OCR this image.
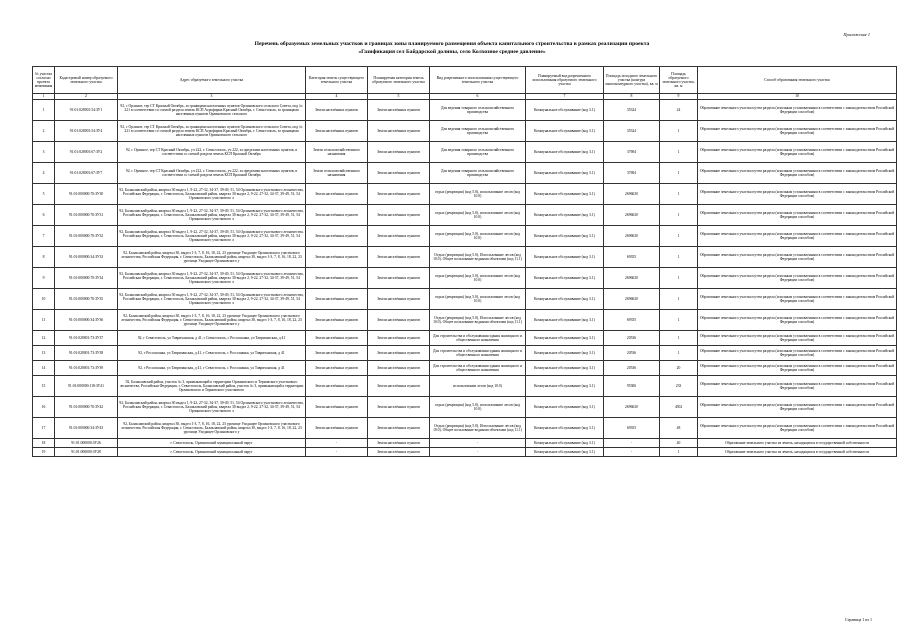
Приложение 1
Перечень образуемых земельных участков и границах зоны планируемого размещения объекта капитального строительства в рамках реализации проекта
«Газификация сел Байдарской долины, село Колхозное среднее давление»
№ участка согласно проекта межевания	Кадастровый номер образуемого земельного участка	Адрес образуемого земельного участка	Категория земель существующего земельного участка	Планируемая категория земель образуемого земельного участка	Вид разрешенного использования существующего земельного участка	Планируемый вид разрешенного использования образуемого земельного участка	Площадь исходного земельного участка (контура многоконтурного участка), кв. м	Площадь образуемого земельного участка, кв. м	Способ образования земельного участка
1	2	3	4	5	6	7	8	9	10
1	91:01:028001:54:ЗУ1	92, с Орлиное, тер СТ Красный Октябрь, за границами населенных пунктов Орлиновского сельского Совета, под № 221 в соответствии со схемой раздела земель КСП Агрофирма Красный Октябрь, г. Севастополь, за границами населенных пунктов Орлиновского сельского	Земли населённых пунктов	Земли населённых пунктов	Для ведения товарного сельскохозяйственного производства	Коммунальное обслуживание (код 3.1)	35324	24	Образование земельного участка путем раздела (или иным установленным в соответствии с законодательством Российской Федерации способом)
2	91:01:028001:54:ЗУ4	92, с Орлиное, тер СТ Красный Октябрь, за границами населенных пунктов Орлиновского сельского Совета, под № 221 в соответствии со схемой раздела земель КСП Агрофирма Красный Октябрь, г. Севастополь, за границами населенных пунктов Орлиновского сельского	Земли населённых пунктов	Земли населённых пунктов	Для ведения товарного сельскохозяйственного производства	Коммунальное обслуживание (код 3.1)	35324	1	Образование земельного участка путем раздела (или иным установленным в соответствии с законодательством Российской Федерации способом)
3	91:01:028001:67:ЗУ2	92, с Орлиное, тер СТ Красный Октябрь, уч 222, г. Севастополь, уч 222, за пределами населенных пунктов, в соответствии со схемой раздела земель КСП Красный Октябрь	Земли сельскохозяйственного назначения	Земли населённых пунктов	Для ведения товарного сельскохозяйственного производства	Коммунальное обслуживание (код 3.1)	37694	1	Образование земельного участка путем раздела (или иным установленным в соответствии с законодательством Российской Федерации способом)
4	91:01:028001:67:ЗУ7	92, с Орлиное, тер СТ Красный Октябрь, уч 222, г. Севастополь, уч 222, за пределами населенных пунктов, в соответствии со схемой раздела земель КСП Красный Октябрь	Земли сельскохозяйственного назначения	Земли населённых пунктов	Для ведения товарного сельскохозяйственного производства	Коммунальное обслуживание (код 3.1)	37694	1	Образование земельного участка путем раздела (или иным установленным в соответствии с законодательством Российской Федерации способом)
5	91:01:000000:70:ЗУ30	92, Балаклавский район, квартал 30 выдел 1, 9-22, 27-32, 34-37, 39-49, 51, 54 Орлиновского участкового лесничества, Российская Федерация, г. Севастополь, Балаклавский район, квартал 30 выдел 2, 9-22, 27-32, 34-37, 39-49, 51, 54 Орлиновского участкового л	Земли населённых пунктов	Земли населённых пунктов	отдых (рекреация) (код 5.0), использование лесов (код 10.0)	Коммунальное обслуживание (код 3.1)	2696020	1	Образование земельного участка путем раздела (или иным установленным в соответствии с законодательством Российской Федерации способом)
6	91:01:000000:70:ЗУ31	92, Балаклавский район, квартал 30 выдел 1, 9-22, 27-32, 34-37, 39-49, 51, 54 Орлиновского участкового лесничества, Российская Федерация, г. Севастополь, Балаклавский район, квартал 30 выдел 2, 9-22, 27-32, 34-37, 39-49, 51, 54 Орлиновского участкового л	Земли населённых пунктов	Земли населённых пунктов	отдых (рекреация) (код 5.0), использование лесов (код 10.0)	Коммунальное обслуживание (код 3.1)	2696020	1	Образование земельного участка путем раздела (или иным установленным в соответствии с законодательством Российской Федерации способом)
7	91:01:000000:70:ЗУ32	92, Балаклавский район, квартал 30 выдел 1, 9-22, 27-32, 34-37, 39-49, 51, 54 Орлиновского участкового лесничества, Российская Федерация, г. Севастополь, Балаклавский район, квартал 30 выдел 2, 9-22, 27-32, 34-37, 39-49, 51, 54 Орлиновского участкового л	Земли населённых пунктов	Земли населённых пунктов	отдых (рекреация) (код 5.0), использование лесов (код 10.0)	Коммунальное обслуживание (код 3.1)	2696020	1	Образование земельного участка путем раздела (или иным установленным в соответствии с законодательством Российской Федерации способом)
8	91:01:000000:34:ЗУ33	92, Балаклавский район, квартал 30, выдел 1-3, 7, 8, 16, 18, 22, 23 урочище Уходящее Орлиновского участкового лесничества, Российская Федерация, г. Севастополь, Балаклавский район, квартал 30, выдел 1-3, 7, 8, 16, 18, 22, 23 урочище Уходящее Орлиновского у	Земли населённых пунктов	Земли населённых пунктов	Отдых (рекреация) (код 5.0), Использование лесов (код 10.0), Общее пользование водными объектами (код 11.1)	Коммунальное обслуживание (код 3.1)	69355	1	Образование земельного участка путем раздела (или иным установленным в соответствии с законодательством Российской Федерации способом)
9	91:01:000000:70:ЗУ34	92, Балаклавский район, квартал 30 выдел 1, 9-22, 27-32, 34-37, 39-49, 51, 54 Орлиновского участкового лесничества, Российская Федерация, г. Севастополь, Балаклавский район, квартал 30 выдел 2, 9-22, 27-32, 34-37, 39-49, 51, 54 Орлиновского участкового л	Земли населённых пунктов	Земли населённых пунктов	отдых (рекреация) (код 5.0), использование лесов (код 10.0)	Коммунальное обслуживание (код 3.1)	2696020	1	Образование земельного участка путем раздела (или иным установленным в соответствии с законодательством Российской Федерации способом)
10	91:01:000000:70:ЗУ35	92, Балаклавский район, квартал 30 выдел 1, 9-22, 27-32, 34-37, 39-49, 51, 54 Орлиновского участкового лесничества, Российская Федерация, г. Севастополь, Балаклавский район, квартал 30 выдел 2, 9-22, 27-32, 34-37, 39-49, 51, 54 Орлиновского участкового л	Земли населённых пунктов	Земли населённых пунктов	отдых (рекреация) (код 5.0), использование лесов (код 10.0)	Коммунальное обслуживание (код 3.1)	2696020	1	Образование земельного участка путем раздела (или иным установленным в соответствии с законодательством Российской Федерации способом)
11	91:01:000000:34:ЗУ36	92, Балаклавский район, квартал 30, выдел 1-3, 7, 8, 16, 18, 22, 23 урочище Уходящее Орлиновского участкового лесничества, Российская Федерация, г. Севастополь, Балаклавский район, квартал 30, выдел 1-3, 7, 8, 16, 18, 22, 23 урочище Уходящее Орлиновского у	Земли населённых пунктов	Земли населённых пунктов	Отдых (рекреация) (код 5.0), Использование лесов (код 10.0), Общее пользование водными объектами (код 11.1)	Коммунальное обслуживание (код 3.1)	69355	1	Образование земельного участка путем раздела (или иным установленным в соответствии с законодательством Российской Федерации способом)
12	91:01:028001:73:ЗУ37	92, г Севастополь, ул Тавричанская, д 41, г Севастополь, с Россошанка, ул Тавричанская, д 41	Земли населённых пунктов	Земли населённых пунктов	Для строительства и обслуживания здания жилищного и общественного назначения	Коммунальное обслуживание (код 3.1)	20536	1	Образование земельного участка путем раздела (или иным установленным в соответствии с законодательством Российской Федерации способом)
13	91:01:028001:73:ЗУ38	92, г Россошанка, ул Тавричанская, д 41, г Севастополь, с Россошанка, ул Тавричанская, д 41	Земли населённых пунктов	Земли населённых пунктов	Для строительства и обслуживания здания жилищного и общественного назначения	Коммунальное обслуживание (код 3.1)	20536	1	Образование земельного участка путем раздела (или иным установленным в соответствии с законодательством Российской Федерации способом)
14	91:01:028001:73:ЗУ39	92, г Россошанка, ул Тавричанская, д 41, г Севастополь, с Россошанка, ул Тавричанская, д 41	Земли населённых пунктов	Земли населённых пунктов	Для строительства и обслуживания здания жилищного и общественного назначения	Коммунальное обслуживание (код 3.1)	20536	20	Образование земельного участка путем раздела (или иным установленным в соответствии с законодательством Российской Федерации способом)
15	91:01:000000:118:ЗУ41	92, Балаклавский район, участок № 3, примыкающий к территории Орлиновского и Терновского участкового лесничества, Российская Федерация, г. Севастополь, Балаклавский район, участок № 3, примыкающий к территории Орлиновского и Терновского участкового	Земли населённых пунктов	Земли населённых пунктов	использование лесов (код 10.0)	Коммунальное обслуживание (код 3.1)	95306	233	Образование земельного участка путем раздела (или иным установленным в соответствии с законодательством Российской Федерации способом)
16	91:01:000000:70:ЗУ42	92, Балаклавский район, квартал 30 выдел 1, 9-22, 27-32, 34-37, 39-49, 51, 54 Орлиновского участкового лесничества, Российская Федерация, г. Севастополь, Балаклавский район, квартал 30 выдел 2, 9-22, 27-32, 34-37, 39-49, 51, 54 Орлиновского участкового л	Земли населённых пунктов	Земли населённых пунктов	отдых (рекреация) (код 5.0), использование лесов (код 10.0)	Коммунальное обслуживание (код 3.1)	2696020	4502	Образование земельного участка путем раздела (или иным установленным в соответствии с законодательством Российской Федерации способом)
17	91:01:000000:34:ЗУ43	92, Балаклавский район, квартал 30, выдел 1-3, 7, 8, 16, 18, 22, 23 урочище Уходящее Орлиновского участкового лесничества, Российская Федерация, г. Севастополь, Балаклавский район, квартал 30, выдел 1-3, 7, 8, 16, 18, 22, 23 урочище Уходящее Орлиновского у	Земли населённых пунктов	Земли населённых пунктов	Отдых (рекреация) (код 5.0), Использование лесов (код 10.0), Общее пользование водными объектами (код 11.1)	Коммунальное обслуживание (код 3.1)	69355	48	Образование земельного участка путем раздела (или иным установленным в соответствии с законодательством Российской Федерации способом)
18	91:01:000000:ЗУ26	г. Севастополь, Орлиновский муниципальный округ	-	Земли населённых пунктов	-	Коммунальное обслуживание (код 3.1)	-	40	Образование земельного участка из земель, находящихся в государственной собственности
19	91:01:000000:ЗУ28	г. Севастополь, Орлиновский муниципальный округ	-	Земли населённых пунктов	-	Коммунальное обслуживание (код 3.1)	-	1	Образование земельного участка из земель, находящихся в государственной собственности
Страница 1 из 1
